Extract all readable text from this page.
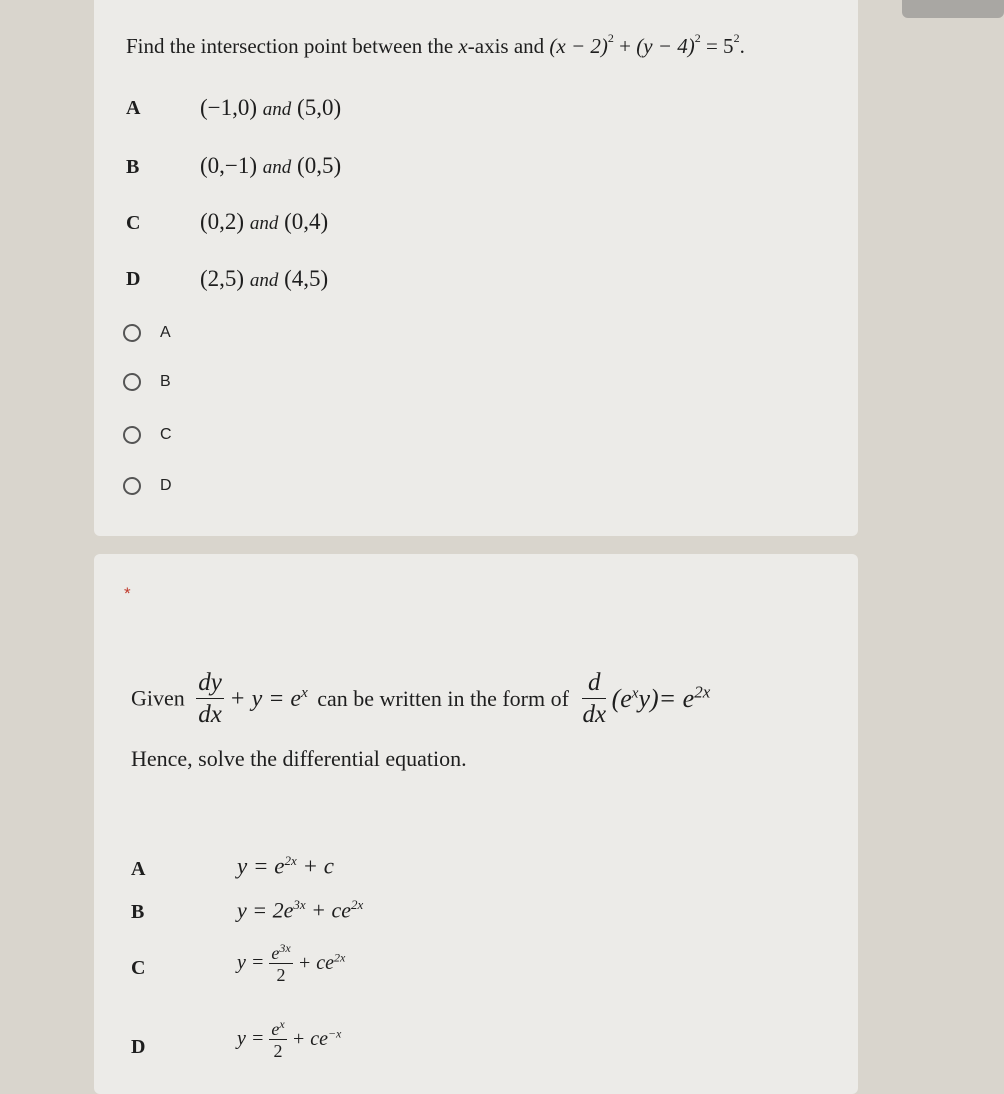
Find the intersection point between the x-axis and $(x - 2)^2 + (y - 4)^2 = 5^2$.
A	(−1,0) and (5,0)
B	(0,−1) and (0,5)
C	(0,2) and (0,4)
D	(2,5) and (4,5)
A
B
C
D
*
Given $\frac{dy}{dx} + y = e^x$ can be written in the form of $\frac{d}{dx} (e^xy)= e^{2x}$
Hence, solve the differential equation.
A	$y = e^{2x} + c$
B	$y = 2e^{3x} + ce^{2x}$
C	$y = \frac{e^{3x}}{2} + ce^{2x}$
D	$y = \frac{e^x}{2} + ce^{-x}$
